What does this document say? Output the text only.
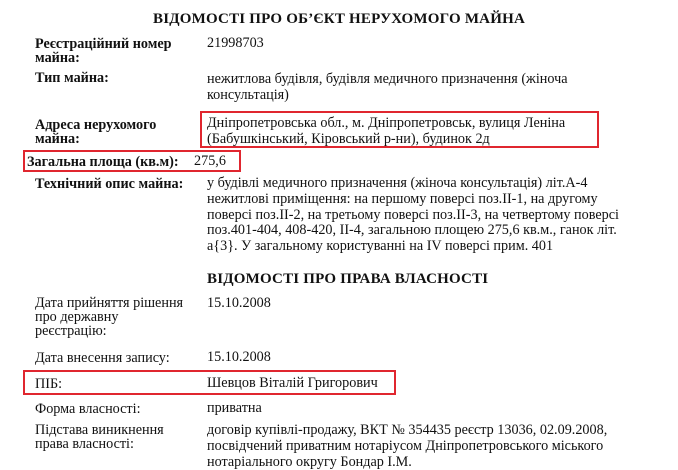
ВІДОМОСТІ ПРО ОБ’ЄКТ НЕРУХОМОГО МАЙНА
Реєстраційний номер
майна:
21998703
Тип майна:	нежитлова будівля, будівля медичного призначення (жіноча
консультація)
Адреса нерухомого
майна:
Дніпропетровська обл., м. Дніпропетровськ, вулиця Леніна
(Бабушкінський, Кіровський р-ни), будинок 2д
Загальна площа (кв.м): 275,6
Технічний опис майна: у будівлі медичного призначення (жіноча консультація) літ.А-4
нежитлові приміщення: на першому поверсі поз.ІІ-1, на другому
поверсі поз.ІІ-2, на третьому поверсі поз.ІІ-3, на четвертому поверсі
поз.401-404, 408-420, ІІ-4, загальною площею 275,6 кв.м., ганок літ.
а{3}. У загальному користуванні на IV поверсі прим. 401
ВІДОМОСТІ ПРО ПРАВА ВЛАСНОСТІ
Дата прийняття рішення
про державну
реєстрацію:
15.10.2008
Дата внесення запису:	15.10.2008
ПІБ:	Шевцов Віталій Григорович
Форма власності:	приватна
Підстава виникнення
права власності:
договір купівлі-продажу, ВКТ № 354435 реєстр 13036, 02.09.2008,
посвідчений приватним нотаріусом Дніпропетровського міського
нотаріального округу Бондар І.М.
